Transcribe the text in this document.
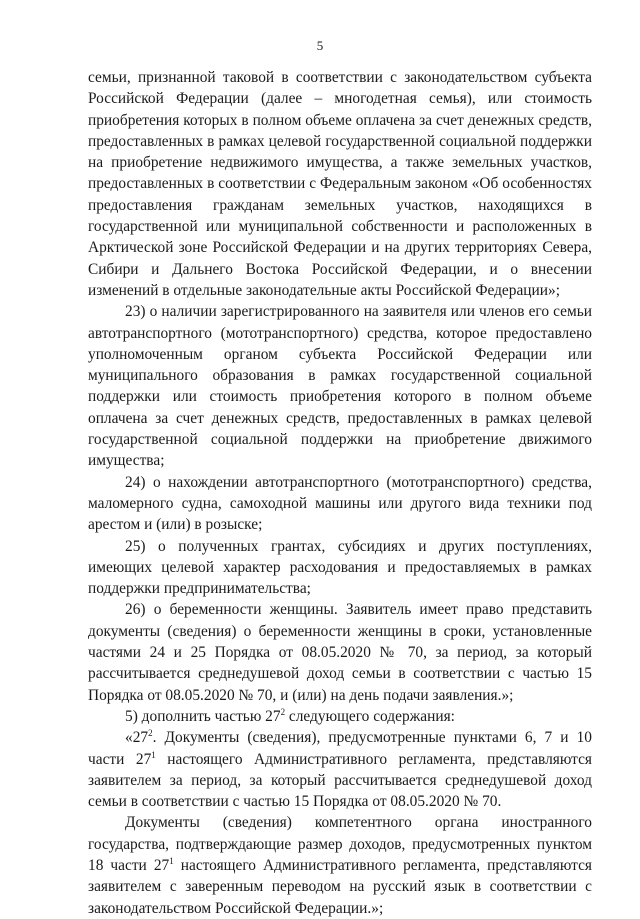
5

семьи, признанной таковой в соответствии с законодательством субъекта Российской Федерации (далее – многодетная семья), или стоимость приобретения которых в полном объеме оплачена за счет денежных средств, предоставленных в рамках целевой государственной социальной поддержки на приобретение недвижимого имущества, а также земельных участков, предоставленных в соответствии с Федеральным законом «Об особенностях предоставления гражданам земельных участков, находящихся в государственной или муниципальной собственности и расположенных в Арктической зоне Российской Федерации и на других территориях Севера, Сибири и Дальнего Востока Российской Федерации, и о внесении изменений в отдельные законодательные акты Российской Федерации»;

23) о наличии зарегистрированного на заявителя или членов его семьи автотранспортного (мототранспортного) средства, которое предоставлено уполномоченным органом субъекта Российской Федерации или муниципального образования в рамках государственной социальной поддержки или стоимость приобретения которого в полном объеме оплачена за счет денежных средств, предоставленных в рамках целевой государственной социальной поддержки на приобретение движимого имущества;

24) о нахождении автотранспортного (мототранспортного) средства, маломерного судна, самоходной машины или другого вида техники под арестом и (или) в розыске;

25) о полученных грантах, субсидиях и других поступлениях, имеющих целевой характер расходования и предоставляемых в рамках поддержки предпринимательства;

26) о беременности женщины. Заявитель имеет право представить документы (сведения) о беременности женщины в сроки, установленные частями 24 и 25 Порядка от 08.05.2020 № 70, за период, за который рассчитывается среднедушевой доход семьи в соответствии с частью 15 Порядка от 08.05.2020 № 70, и (или) на день подачи заявления.»;

5) дополнить частью $27^2$ следующего содержания:

«$27^2$. Документы (сведения), предусмотренные пунктами 6, 7 и 10 части $27^1$ настоящего Административного регламента, представляются заявителем за период, за который рассчитывается среднедушевой доход семьи в соответствии с частью 15 Порядка от 08.05.2020 № 70.

Документы (сведения) компетентного органа иностранного государства, подтверждающие размер доходов, предусмотренных пунктом 18 части $27^1$ настоящего Административного регламента, представляются заявителем с заверенным переводом на русский язык в соответствии с законодательством Российской Федерации.»;
